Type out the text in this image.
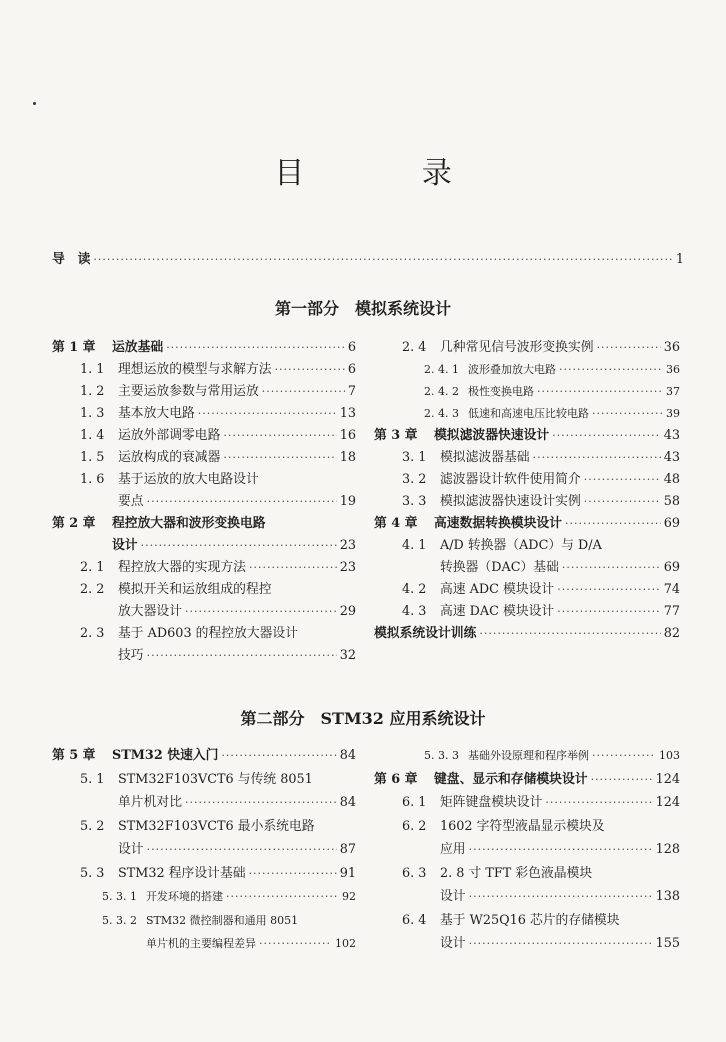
目 录
导　读 ·····	1
第一部分　模拟系统设计
第 1 章	运放基础 ·····	6
1. 1	理想运放的模型与求解方法 ·····	6
1. 2	主要运放参数与常用运放 ·····	7
1. 3	基本放大电路 ·····	13
1. 4	运放外部调零电路 ·····	16
1. 5	运放构成的衰减器 ·····	18
1. 6	基于运放的放大电路设计
要点 ·····	19
第 2 章	程控放大器和波形变换电路
设计 ·····	23
2. 1	程控放大器的实现方法 ·····	23
2. 2	模拟开关和运放组成的程控
放大器设计 ·····	29
2. 3	基于 AD603 的程控放大器设计
技巧 ·····	32
2. 4	几种常见信号波形变换实例 ·····	36
2. 4. 1 波形叠加放大电路 ·····	36
2. 4. 2 极性变换电路 ·····	37
2. 4. 3 低速和高速电压比较电路 ·····	39
第 3 章	模拟滤波器快速设计 ·····	43
3. 1	模拟滤波器基础 ·····	43
3. 2	滤波器设计软件使用简介 ·····	48
3. 3	模拟滤波器快速设计实例 ·····	58
第 4 章	高速数据转换模块设计 ·····	69
4. 1	A/D 转换器（ADC）与 D/A
转换器（DAC）基础 ·····	69
4. 2	高速 ADC 模块设计 ·····	74
4. 3	高速 DAC 模块设计 ·····	77
模拟系统设计训练 ·····	82
第二部分　STM32 应用系统设计
第 5 章	STM32 快速入门 ·····	84
5. 1	STM32F103VCT6 与传统 8051
单片机对比 ·····	84
5. 2	STM32F103VCT6 最小系统电路
设计 ·····	87
5. 3	STM32 程序设计基础 ·····	91
5. 3. 1 开发环境的搭建 ·····	92
5. 3. 2 STM32 微控制器和通用 8051
单片机的主要编程差异 ·····	102
5. 3. 3 基础外设原理和程序举例 ·····	103
第 6 章	键盘、显示和存储模块设计 ·····	124
6. 1	矩阵键盘模块设计 ·····	124
6. 2	1602 字符型液晶显示模块及
应用 ·····	128
6. 3	2. 8 寸 TFT 彩色液晶模块
设计 ·····	138
6. 4	基于 W25Q16 芯片的存储模块
设计 ·····	155
